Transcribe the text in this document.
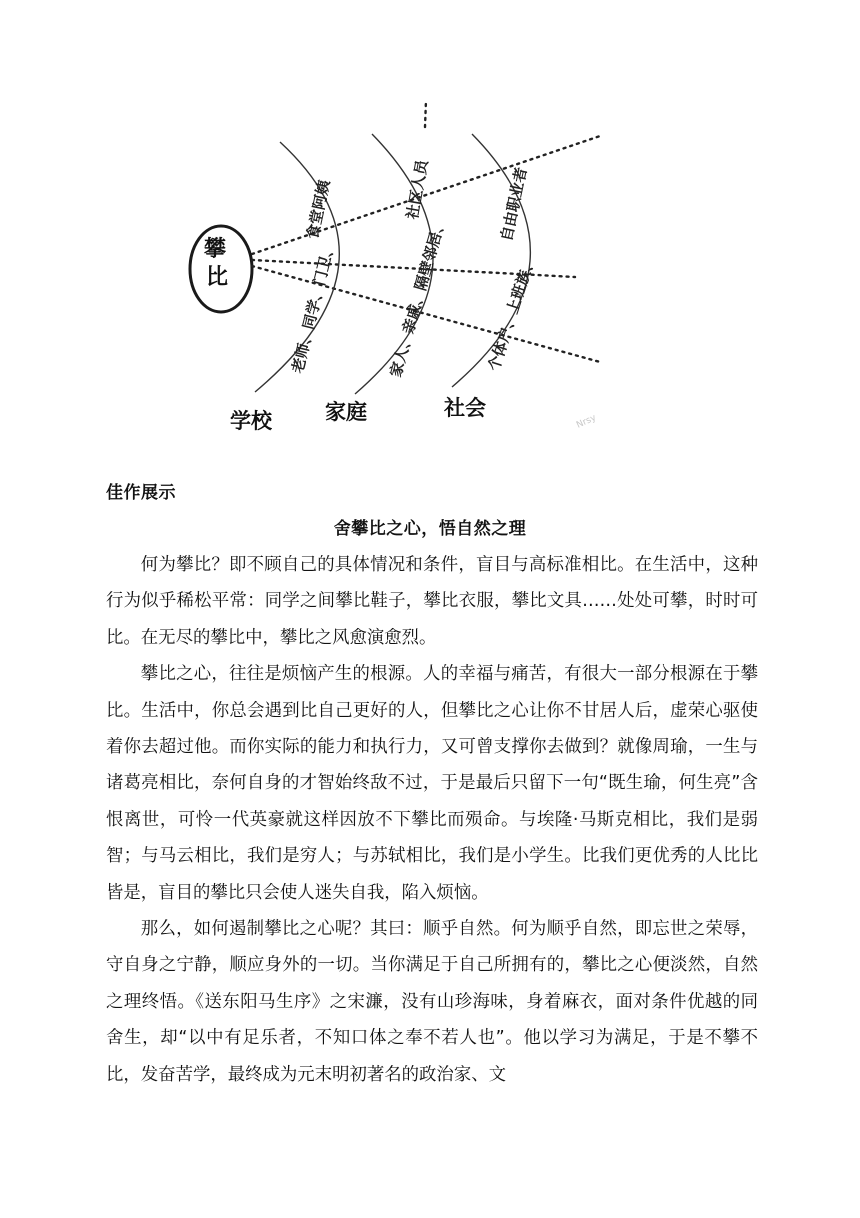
攀
比
食堂阿姨	社区人员	自由职业者
老师、同学、门卫、	家人、亲戚、隔壁邻居、 个体户、上班族、
学校	家庭	社会
Nrsy
佳作展示
舍攀比之心，悟自然之理

何为攀比？即不顾自己的具体情况和条件，盲目与高标准相比。在生活中，这种行为似乎稀松平常：同学之间攀比鞋子，攀比衣服，攀比文具……处处可攀，时时可比。在无尽的攀比中，攀比之风愈演愈烈。

攀比之心，往往是烦恼产生的根源。人的幸福与痛苦，有很大一部分根源在于攀比。生活中，你总会遇到比自己更好的人，但攀比之心让你不甘居人后，虚荣心驱使着你去超过他。而你实际的能力和执行力，又可曾支撑你去做到？就像周瑜，一生与诸葛亮相比，奈何自身的才智始终敌不过，于是最后只留下一句“既生瑜，何生亮”含恨离世，可怜一代英豪就这样因放不下攀比而殒命。与埃隆·马斯克相比，我们是弱智；与马云相比，我们是穷人；与苏轼相比，我们是小学生。比我们更优秀的人比比皆是，盲目的攀比只会使人迷失自我，陷入烦恼。

那么，如何遏制攀比之心呢？其曰：顺乎自然。何为顺乎自然，即忘世之荣辱，守自身之宁静，顺应身外的一切。当你满足于自己所拥有的，攀比之心便淡然，自然之理终悟。《送东阳马生序》之宋濂，没有山珍海味，身着麻衣，面对条件优越的同舍生，却“以中有足乐者，不知口体之奉不若人也”。他以学习为满足，于是不攀不比，发奋苦学，最终成为元末明初著名的政治家、文
